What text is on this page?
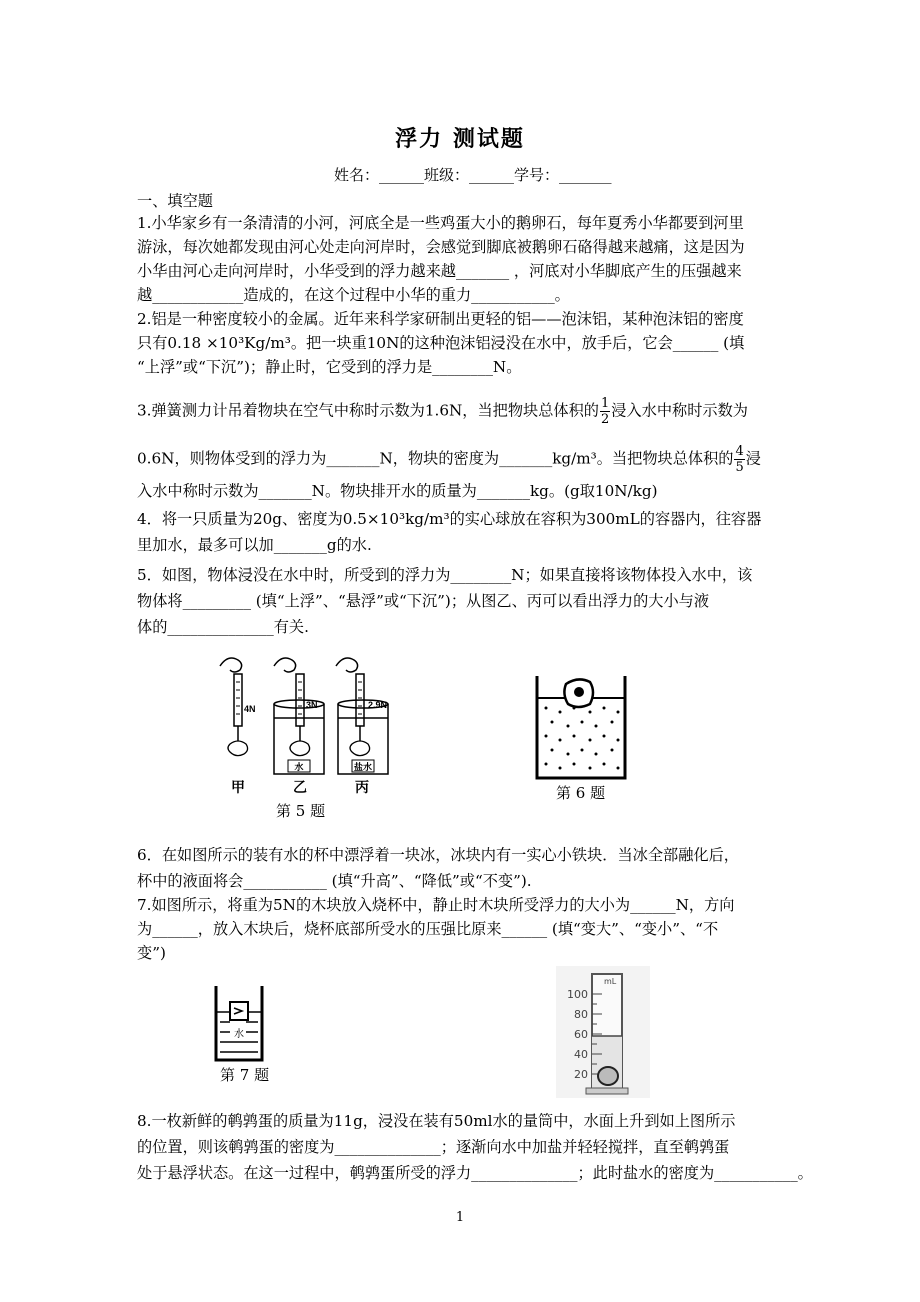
浮力 测试题
姓名：______班级：______学号：_______
一、填空题
1.小华家乡有一条清清的小河，河底全是一些鸡蛋大小的鹅卵石，每年夏秀小华都要到河里
游泳，每次她都发现由河心处走向河岸时，会感觉到脚底被鹅卵石硌得越来越痛，这是因为
小华由河心走向河岸时，小华受到的浮力越来越_______ ，河底对小华脚底产生的压强越来
越____________造成的，在这个过程中小华的重力___________。
2.铝是一种密度较小的金属。近年来科学家研制出更轻的铝——泡沫铝，某种泡沫铝的密度
只有0.18 ×10³Kg/m³。把一块重10N的这种泡沫铝浸没在水中，放手后，它会______ (填
“上浮”或“下沉”)；静止时，它受到的浮力是________N。
3.弹簧测力计吊着物块在空气中称时示数为1.6N，当把物块总体积的 $\frac{1}{2}$ 浸入水中称时示数为
0.6N，则物体受到的浮力为_______N，物块的密度为_______kg/m³。当把物块总体积的 $\frac{4}{5}$ 浸
入水中称时示数为_______N。物块排开水的质量为_______kg。(g取10N/kg)
4．将一只质量为20g、密度为0.5×10³kg/m³的实心球放在容积为300mL的容器内，往容器
里加水，最多可以加_______g的水.
5．如图，物体浸没在水中时，所受到的浮力为________N；如果直接将该物体投入水中，该
物体将_________ (填“上浮”、“悬浮”或“下沉”)；从图乙、丙可以看出浮力的大小与液
体的______________有关.
4N	3N	2.9N
水	盐水
甲	乙	丙
第 5 题
第 6 题
6．在如图所示的装有水的杯中漂浮着一块冰，冰块内有一实心小铁块．当冰全部融化后，
杯中的液面将会___________ (填“升高”、“降低”或“不变”).
7.如图所示，将重为5N的木块放入烧杯中，静止时木块所受浮力的大小为______N，方向
为______，放入木块后，烧杯底部所受水的压强比原来______ (填“变大”、“变小”、“不
变”)
水
第 7 题
mL
100
80
60
40
20
8.一枚新鲜的鹌鹑蛋的质量为11g，浸没在装有50ml水的量筒中，水面上升到如上图所示
的位置，则该鹌鹑蛋的密度为______________；逐渐向水中加盐并轻轻搅拌，直至鹌鹑蛋
处于悬浮状态。在这一过程中，鹌鹑蛋所受的浮力______________；此时盐水的密度为___________。
1
